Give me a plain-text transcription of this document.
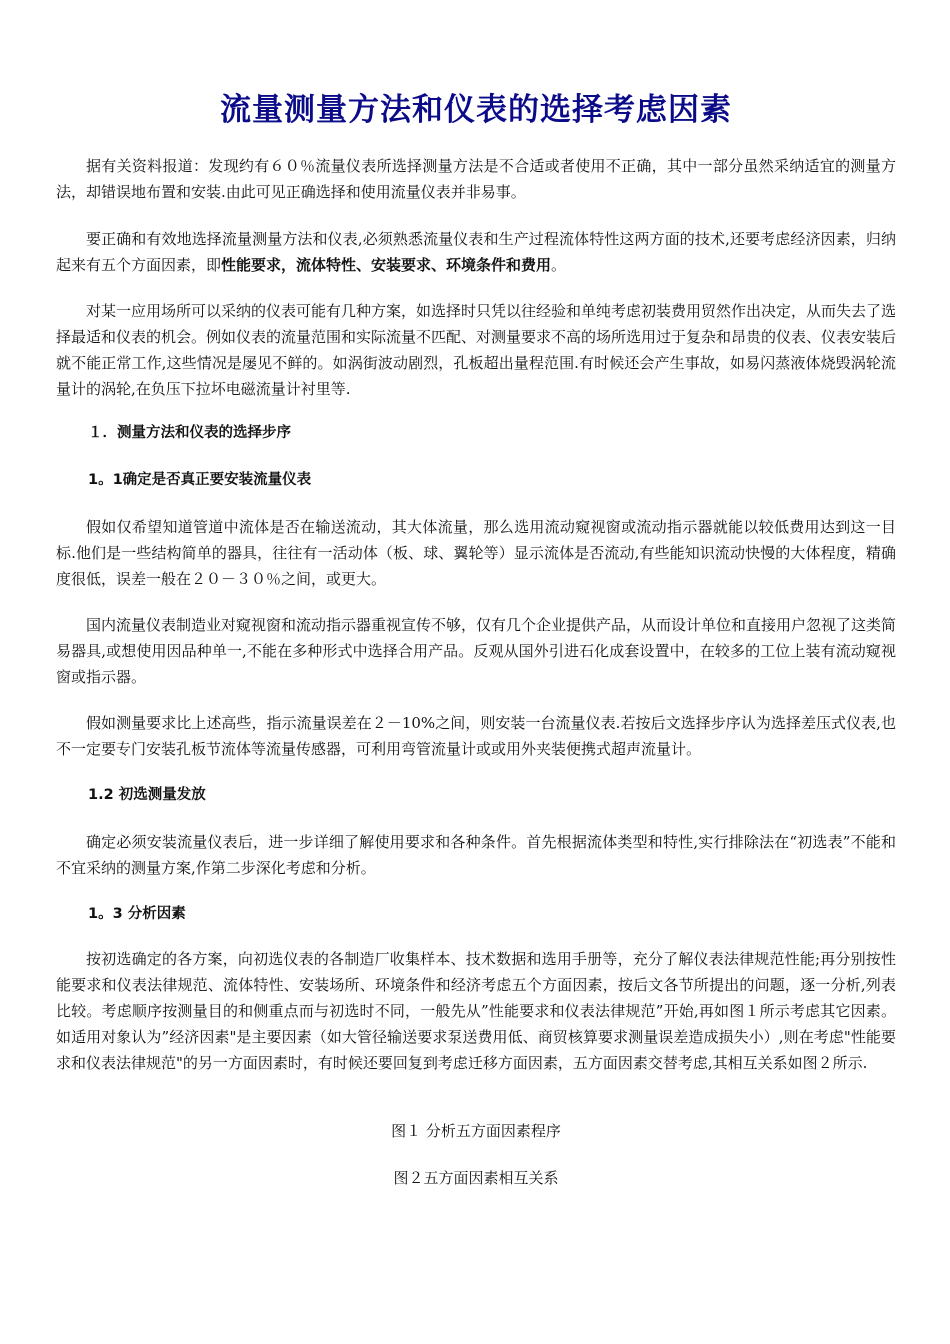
流量测量方法和仪表的选择考虑因素

据有关资料报道：发现约有６０％流量仪表所选择测量方法是不合适或者使用不正确，其中一部分虽然采纳适宜的测量方法，却错误地布置和安装.由此可见正确选择和使用流量仪表并非易事。

要正确和有效地选择流量测量方法和仪表,必须熟悉流量仪表和生产过程流体特性这两方面的技术,还要考虑经济因素，归纳起来有五个方面因素，即性能要求，流体特性、安装要求、环境条件和费用。

对某一应用场所可以采纳的仪表可能有几种方案，如选择时只凭以往经验和单纯考虑初装费用贸然作出决定，从而失去了选择最适和仪表的机会。例如仪表的流量范围和实际流量不匹配、对测量要求不高的场所选用过于复杂和昂贵的仪表、仪表安装后就不能正常工作,这些情况是屡见不鲜的。如涡街波动剧烈，孔板超出量程范围.有时候还会产生事故，如易闪蒸液体烧毁涡轮流量计的涡轮,在负压下拉坏电磁流量计衬里等.

１．测量方法和仪表的选择步序
1。1确定是否真正要安装流量仪表

假如仅希望知道管道中流体是否在输送流动，其大体流量，那么选用流动窥视窗或流动指示器就能以较低费用达到这一目标.他们是一些结构简单的器具，往往有一活动体（板、球、翼轮等）显示流体是否流动,有些能知识流动快慢的大体程度，精确度很低，误差一般在２０－３０％之间，或更大。

国内流量仪表制造业对窥视窗和流动指示器重视宣传不够，仅有几个企业提供产品，从而设计单位和直接用户忽视了这类简易器具,或想使用因品种单一,不能在多种形式中选择合用产品。反观从国外引进石化成套设置中，在较多的工位上装有流动窥视窗或指示器。

假如测量要求比上述高些，指示流量误差在２－10%之间，则安装一台流量仪表.若按后文选择步序认为选择差压式仪表,也不一定要专门安装孔板节流体等流量传感器，可利用弯管流量计或或用外夹装便携式超声流量计。

1.2 初选测量发放

确定必须安装流量仪表后，进一步详细了解使用要求和各种条件。首先根据流体类型和特性,实行排除法在“初选表”不能和不宜采纳的测量方案,作第二步深化考虑和分析。

1。3 分析因素

按初选确定的各方案，向初选仪表的各制造厂收集样本、技术数据和选用手册等，充分了解仪表法律规范性能;再分别按性能要求和仪表法律规范、流体特性、安装场所、环境条件和经济考虑五个方面因素，按后文各节所提出的问题，逐一分析,列表比较。考虑顺序按测量目的和侧重点而与初选时不同，一般先从”性能要求和仪表法律规范”开始,再如图１所示考虑其它因素。如适用对象认为”经济因素"是主要因素（如大管径输送要求泵送费用低、商贸核算要求测量误差造成损失小）,则在考虑"性能要求和仪表法律规范"的另一方面因素时，有时候还要回复到考虑迁移方面因素，五方面因素交替考虑,其相互关系如图２所示.

图１ 分析五方面因素程序

图２五方面因素相互关系
